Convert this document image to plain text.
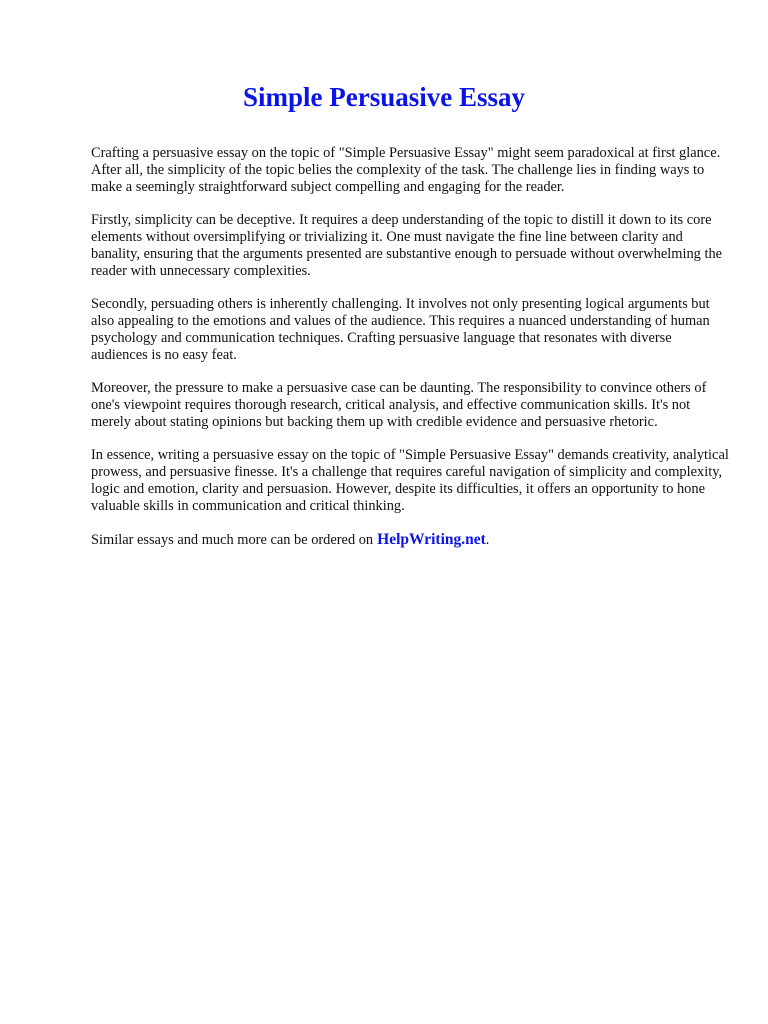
Simple Persuasive Essay

Crafting a persuasive essay on the topic of "Simple Persuasive Essay" might seem paradoxical at first glance. After all, the simplicity of the topic belies the complexity of the task. The challenge lies in finding ways to make a seemingly straightforward subject compelling and engaging for the reader.

Firstly, simplicity can be deceptive. It requires a deep understanding of the topic to distill it down to its core elements without oversimplifying or trivializing it. One must navigate the fine line between clarity and banality, ensuring that the arguments presented are substantive enough to persuade without overwhelming the reader with unnecessary complexities.

Secondly, persuading others is inherently challenging. It involves not only presenting logical arguments but also appealing to the emotions and values of the audience. This requires a nuanced understanding of human psychology and communication techniques. Crafting persuasive language that resonates with diverse audiences is no easy feat.

Moreover, the pressure to make a persuasive case can be daunting. The responsibility to convince others of one's viewpoint requires thorough research, critical analysis, and effective communication skills. It's not merely about stating opinions but backing them up with credible evidence and persuasive rhetoric.

In essence, writing a persuasive essay on the topic of "Simple Persuasive Essay" demands creativity, analytical prowess, and persuasive finesse. It's a challenge that requires careful navigation of simplicity and complexity, logic and emotion, clarity and persuasion. However, despite its difficulties, it offers an opportunity to hone valuable skills in communication and critical thinking.

Similar essays and much more can be ordered on HelpWriting.net.
